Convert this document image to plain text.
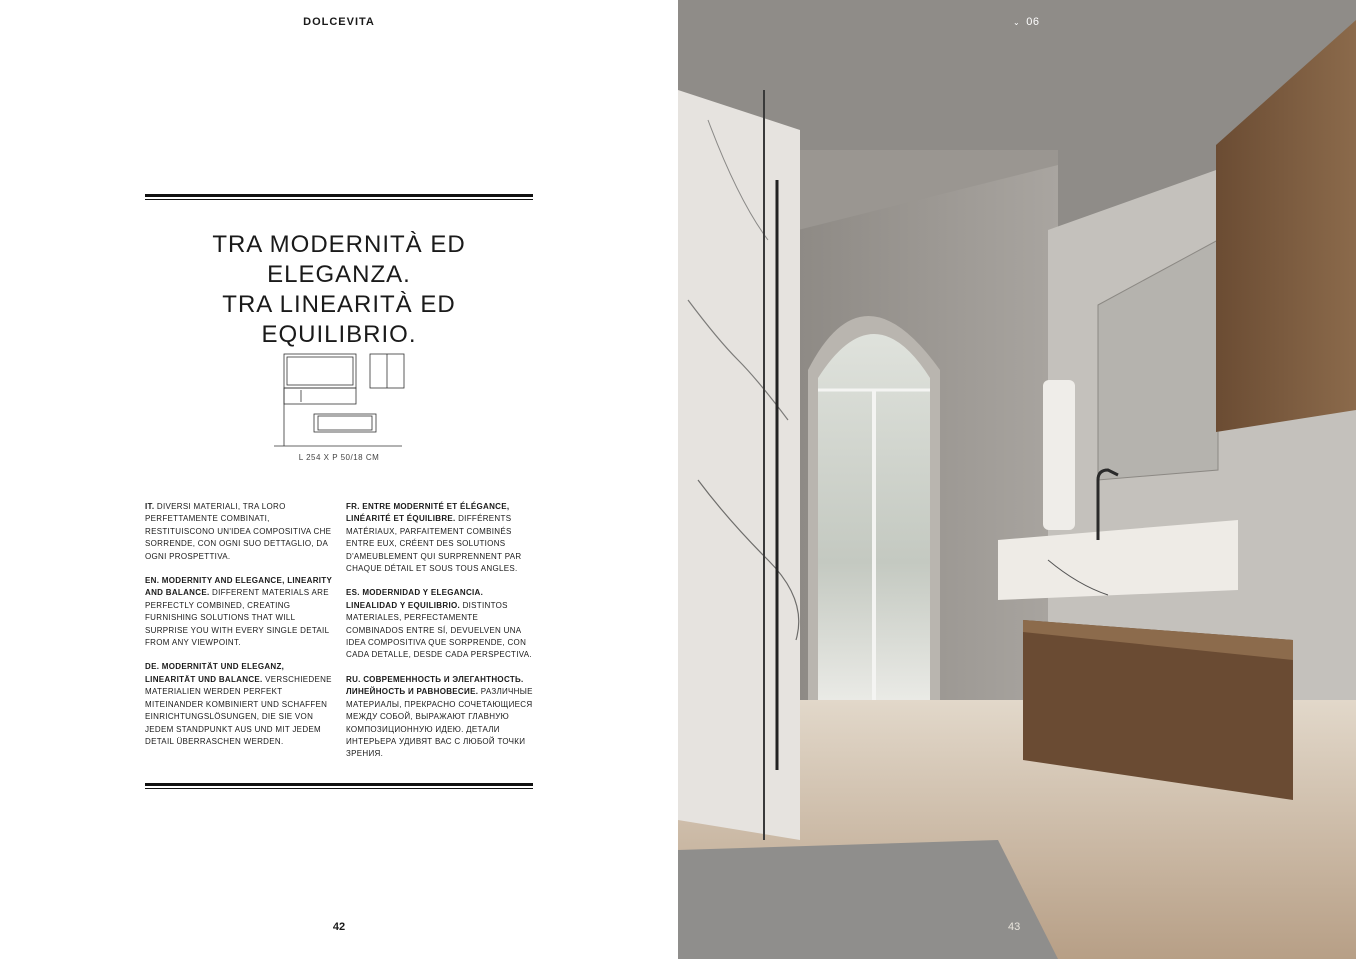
DOLCEVITA
TRA MODERNITÀ ED ELEGANZA.
TRA LINEARITÀ ED
EQUILIBRIO.
L 254 X P 50/18 CM

IT. DIVERSI MATERIALI, TRA LORO PERFETTAMENTE COMBINATI, RESTITUISCONO UN'IDEA COMPOSITIVA CHE SORRENDE, CON OGNI SUO DETTAGLIO, DA OGNI PROSPETTIVA.

EN. MODERNITY AND ELEGANCE, LINEARITY AND BALANCE. DIFFERENT MATERIALS ARE PERFECTLY COMBINED, CREATING FURNISHING SOLUTIONS THAT WILL SURPRISE YOU WITH EVERY SINGLE DETAIL FROM ANY VIEWPOINT.

DE. MODERNITÄT UND ELEGANZ, LINEARITÄT UND BALANCE. VERSCHIEDENE MATERIALIEN WERDEN PERFEKT MITEINANDER KOMBINIERT UND SCHAFFEN EINRICHTUNGSLÖSUNGEN, DIE SIE VON JEDEM STANDPUNKT AUS UND MIT JEDEM DETAIL ÜBERRASCHEN WERDEN.

FR. ENTRE MODERNITÉ ET ÉLÉGANCE, LINÉARITÉ ET ÉQUILIBRE. DIFFÉRENTS MATÉRIAUX, PARFAITEMENT COMBINÉS ENTRE EUX, CRÉENT DES SOLUTIONS D'AMEUBLEMENT QUI SURPRENNENT PAR CHAQUE DÉTAIL ET SOUS TOUS ANGLES.

ES. MODERNIDAD Y ELEGANCIA. LINEALIDAD Y EQUILIBRIO. DISTINTOS MATERIALES, PERFECTAMENTE COMBINADOS ENTRE SÍ, DEVUELVEN UNA IDEA COMPOSITIVA QUE SORPRENDE, CON CADA DETALLE, DESDE CADA PERSPECTIVA.

RU. СОВРЕМЕННОСТЬ И ЭЛЕГАНТНОСТЬ. ЛИНЕЙНОСТЬ И РАВНОВЕСИЕ. РАЗЛИЧНЫЕ МАТЕРИАЛЫ, ПРЕКРАСНО СОЧЕТАЮЩИЕСЯ МЕЖДУ СОБОЙ, ВЫРАЖАЮТ ГЛАВНУЮ КОМПОЗИЦИОННУЮ ИДЕЮ. ДЕТАЛИ ИНТЕРЬЕРА УДИВЯТ ВАС С ЛЮБОЙ ТОЧКИ ЗРЕНИЯ.

42
⌄ 06
43
